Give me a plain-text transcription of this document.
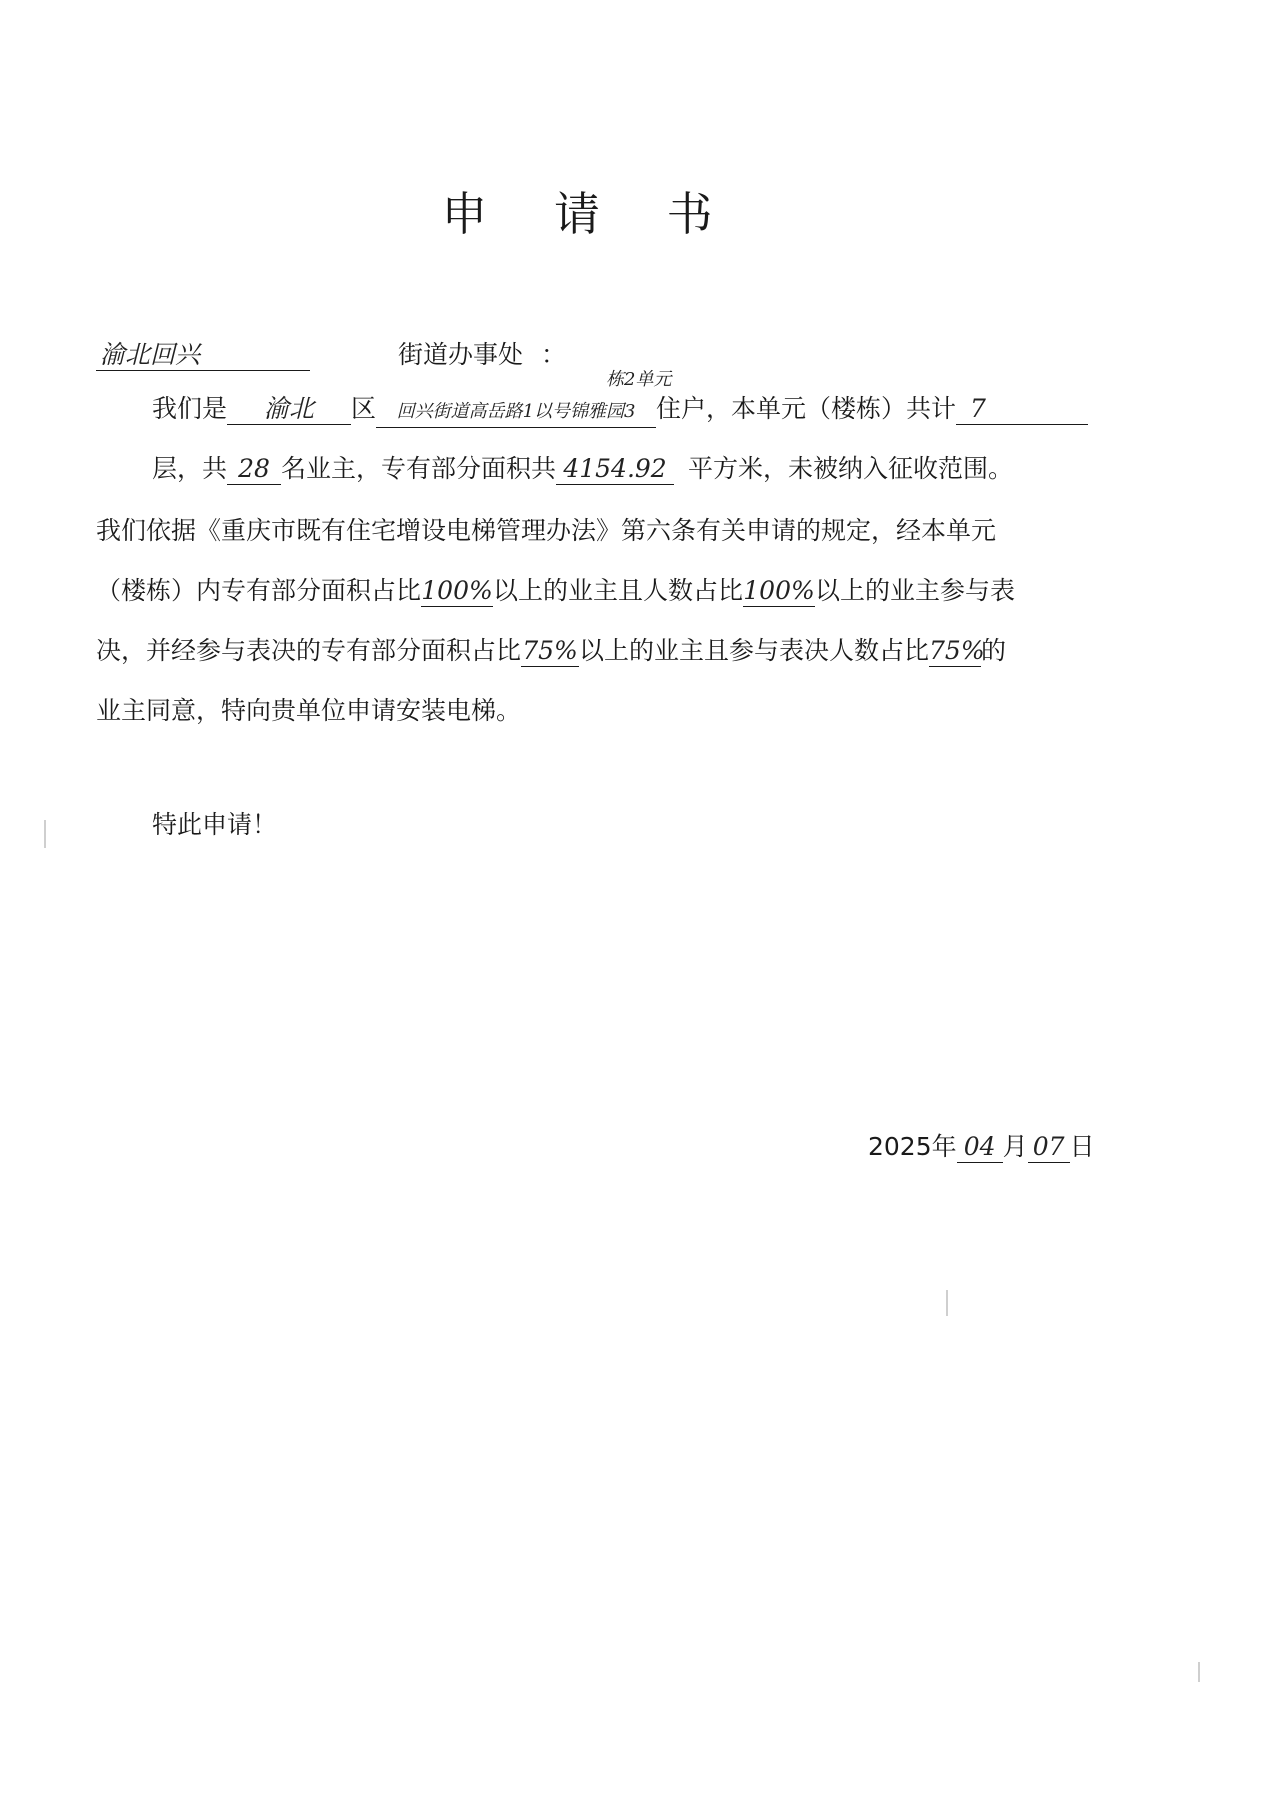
申 请 书
渝北回兴	街道办事处 ：
我们是 渝北 区 回兴街道高岳路1以号锦雅园3
栋2单元
住户，本单元（楼栋）共计 7
层，共 28 名业主，专有部分面积共 4154.92 平方米，未被纳入征收范围。
我们依据《重庆市既有住宅增设电梯管理办法》第六条有关申请的规定，经本单元
（楼栋）内专有部分面积占比100%以上的业主且人数占比100%以上的业主参与表
决，并经参与表决的专有部分面积占比75%以上的业主且参与表决人数占比75%的
业主同意，特向贵单位申请安装电梯。
特此申请！
2025年 04 月 07 日
